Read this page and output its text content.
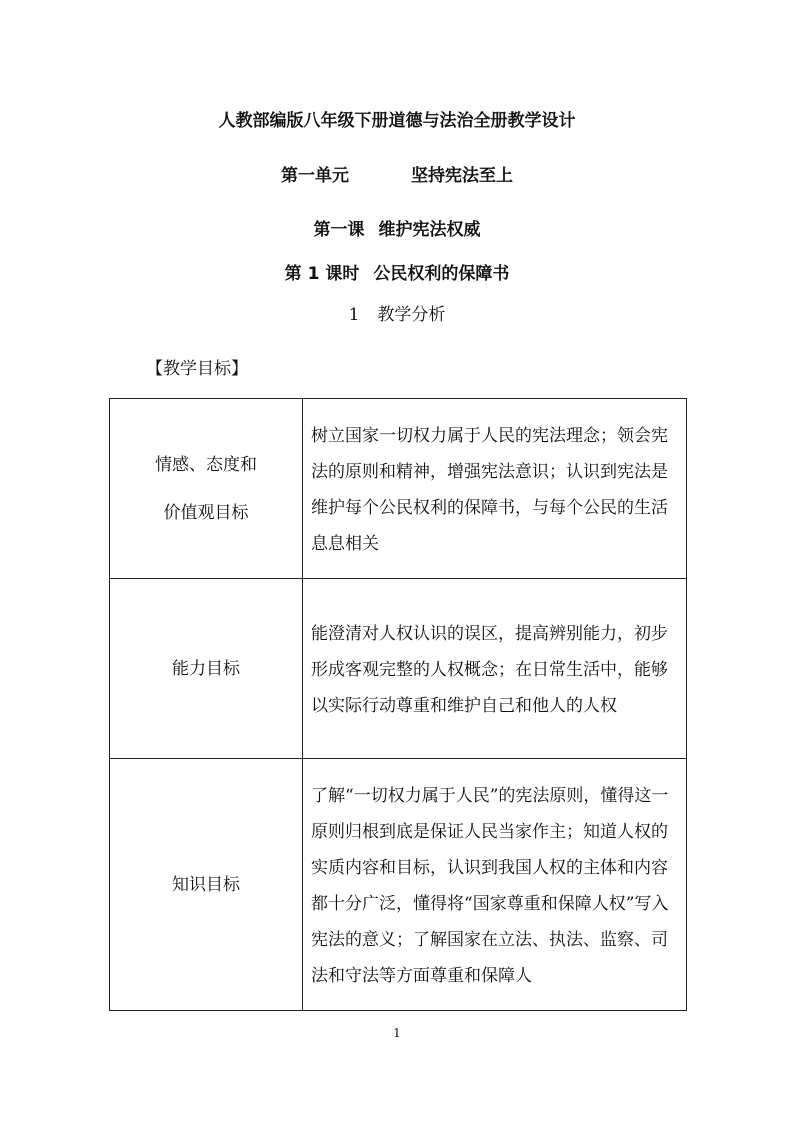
人教部编版八年级下册道德与法治全册教学设计
第一单元	坚持宪法至上
第一课 维护宪法权威
第 1 课时 公民权利的保障书
1 教学分析
【教学目标】
情感、态度和
价值观目标	树立国家一切权力属于人民的宪法理念；领会宪法的原则和精神，增强宪法意识；认识到宪法是维护每个公民权利的保障书，与每个公民的生活息息相关
能力目标	能澄清对人权认识的误区，提高辨别能力，初步形成客观完整的人权概念；在日常生活中，能够以实际行动尊重和维护自己和他人的人权
知识目标	了解“一切权力属于人民”的宪法原则，懂得这一原则归根到底是保证人民当家作主；知道人权的实质内容和目标，认识到我国人权的主体和内容都十分广泛，懂得将“国家尊重和保障人权”写入宪法的意义；了解国家在立法、执法、监察、司法和守法等方面尊重和保障人
1
